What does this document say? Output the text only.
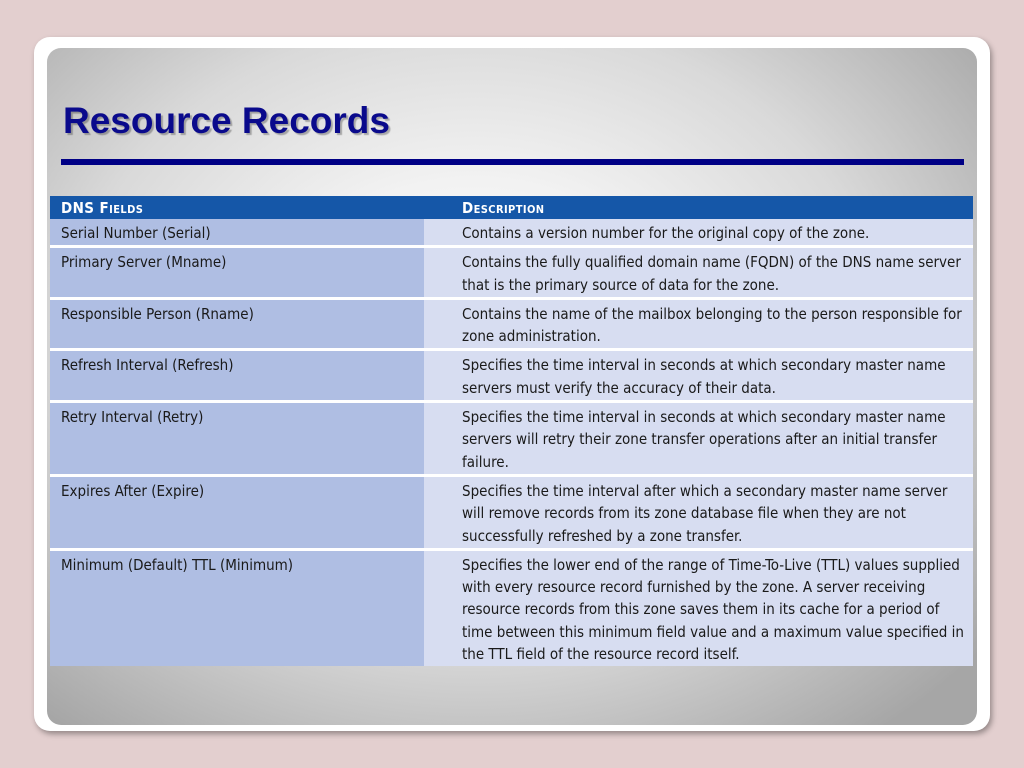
Resource Records
DNS Fields	Description
Serial Number (Serial)	Contains a version number for the original copy of the zone.
Primary Server (Mname)	Contains the fully qualified domain name (FQDN) of the DNS name server that is the primary source of data for the zone.
Responsible Person (Rname)	Contains the name of the mailbox belonging to the person responsible for zone administration.
Refresh Interval (Refresh)	Specifies the time interval in seconds at which secondary master name servers must verify the accuracy of their data.
Retry Interval (Retry)	Specifies the time interval in seconds at which secondary master name servers will retry their zone transfer operations after an initial transfer failure.
Expires After (Expire)	Specifies the time interval after which a secondary master name server will remove records from its zone database file when they are not successfully refreshed by a zone transfer.
Minimum (Default) TTL (Minimum)	Specifies the lower end of the range of Time-To-Live (TTL) values supplied with every resource record furnished by the zone. A server receiving resource records from this zone saves them in its cache for a period of time between this minimum field value and a maximum value specified in the TTL field of the resource record itself.
